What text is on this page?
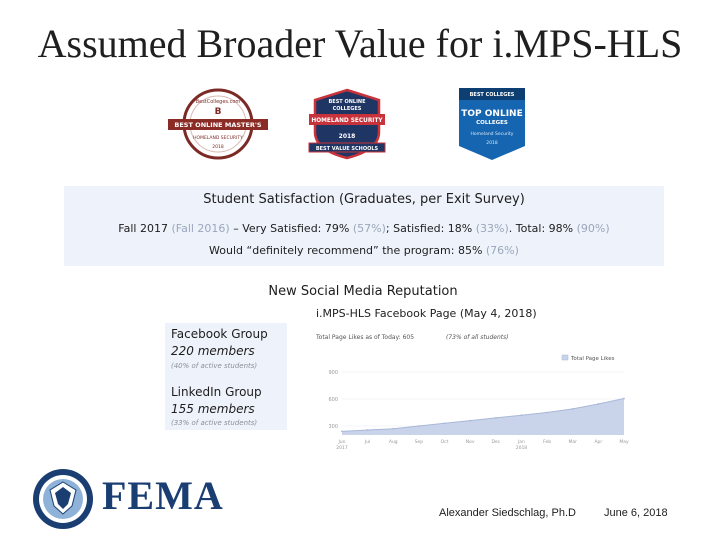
Assumed Broader Value for i.MPS-HLS
BestColleges.com
B
BEST ONLINE MASTER'S
HOMELAND SECURITY
2018
BEST ONLINE
COLLEGES
HOMELAND SECURITY
2018
BEST VALUE SCHOOLS
BEST COLLEGES
TOP ONLINE
COLLEGES
Homeland Security
2018
Student Satisfaction (Graduates, per Exit Survey)
Fall 2017 (Fall 2016) – Very Satisfied: 79% (57%); Satisfied: 18% (33%). Total: 98% (90%)
Would “definitely recommend” the program: 85% (76%)
New Social Media Reputation
Facebook Group
220 members
(40% of active students)
LinkedIn Group
155 members
(33% of active students)
i.MPS-HLS Facebook Page (May 4, 2018)
Total Page Likes as of Today: 605	(73% of all students)
Total Page Likes
300
600
900
Jun
2017
Jul	Aug	Sep	Oct	Nov	Dec	Jan
2018
Feb	Mar	Apr	May
FEMA	Alexander Siedschlag, Ph.D	June 6, 2018
